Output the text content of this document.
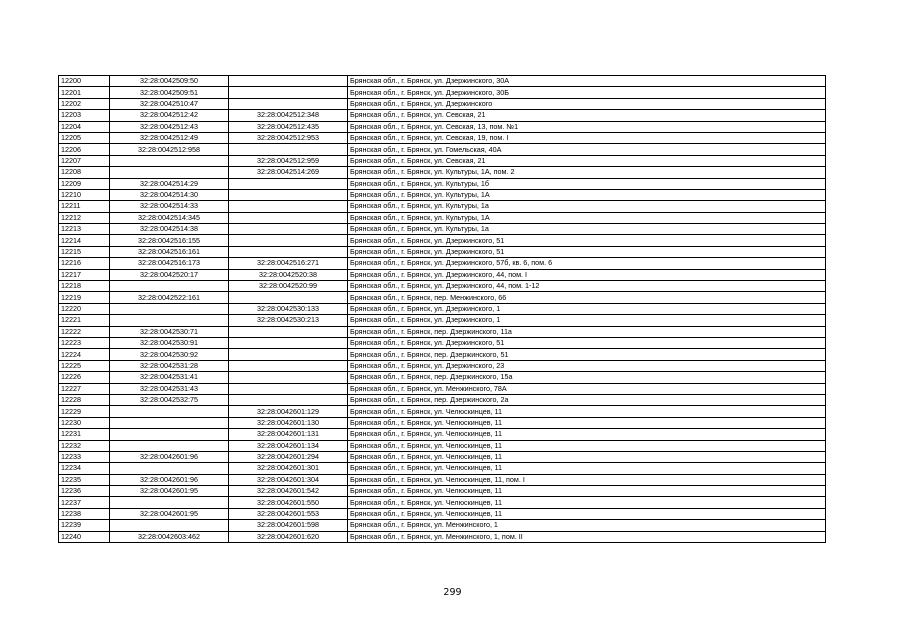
12200	32:28:0042509:50		Брянская обл., г. Брянск, ул. Дзержинского, 30А
12201	32:28:0042509:51		Брянская обл., г. Брянск, ул. Дзержинского, 30Б
12202	32:28:0042510:47		Брянская обл., г. Брянск, ул. Дзержинского
12203	32:28:0042512:42	32:28:0042512:348	Брянская обл., г. Брянск, ул. Севская, 21
12204	32:28:0042512:43	32:28:0042512:435	Брянская обл., г. Брянск, ул. Севская, 13, пом. №1
12205	32:28:0042512:49	32:28:0042512:953	Брянская обл., г. Брянск, ул. Севская, 19, пом. I
12206	32:28:0042512:958		Брянская обл., г. Брянск, ул. Гомельская, 40А
12207		32:28:0042512:959	Брянская обл., г. Брянск, ул. Севская, 21
12208		32:28:0042514:269	Брянская обл., г. Брянск, ул. Культуры, 1А, пом. 2
12209	32:28:0042514:29		Брянская обл., г. Брянск, ул. Культуры, 1б
12210	32:28:0042514:30		Брянская обл., г. Брянск, ул. Культуры, 1А
12211	32:28:0042514:33		Брянская обл., г. Брянск, ул. Культуры, 1а
12212	32:28:0042514:345		Брянская обл., г. Брянск, ул. Культуры, 1А
12213	32:28:0042514:38		Брянская обл., г. Брянск, ул. Культуры, 1а
12214	32:28:0042516:155		Брянская обл., г. Брянск, ул. Дзержинского, 51
12215	32:28:0042516:161		Брянская обл., г. Брянск, ул. Дзержинского, 51
12216	32:28:0042516:173	32:28:0042516:271	Брянская обл., г. Брянск, ул. Дзержинского, 57б, кв. 6, пом. 6
12217	32:28:0042520:17	32:28:0042520:38	Брянская обл., г. Брянск, ул. Дзержинского, 44, пом. I
12218		32:28:0042520:99	Брянская обл., г. Брянск, ул. Дзержинского, 44, пом. 1-12
12219	32:28:0042522:161		Брянская обл., г. Брянск, пер. Менжинского, 66
12220		32:28:0042530:133	Брянская обл., г. Брянск, ул. Дзержинского, 1
12221		32:28:0042530:213	Брянская обл., г. Брянск, ул. Дзержинского, 1
12222	32:28:0042530:71		Брянская обл., г. Брянск, пер. Дзержинского, 11а
12223	32:28:0042530:91		Брянская обл., г. Брянск, ул. Дзержинского, 51
12224	32:28:0042530:92		Брянская обл., г. Брянск, пер. Дзержинского, 51
12225	32:28:0042531:28		Брянская обл., г. Брянск, ул. Дзержинского, 23
12226	32:28:0042531:41		Брянская обл., г. Брянск, пер. Дзержинского, 15а
12227	32:28:0042531:43		Брянская обл., г. Брянск, ул. Менжинского, 78А
12228	32:28:0042532:75		Брянская обл., г. Брянск, пер. Дзержинского, 2а
12229		32:28:0042601:129	Брянская обл., г. Брянск, ул. Челюскинцев, 11
12230		32:28:0042601:130	Брянская обл., г. Брянск, ул. Челюскинцев, 11
12231		32:28:0042601:131	Брянская обл., г. Брянск, ул. Челюскинцев, 11
12232		32:28:0042601:134	Брянская обл., г. Брянск, ул. Челюскинцев, 11
12233	32:28:0042601:96	32:28:0042601:294	Брянская обл., г. Брянск, ул. Челюскинцев, 11
12234		32:28:0042601:301	Брянская обл., г. Брянск, ул. Челюскинцев, 11
12235	32:28:0042601:96	32:28:0042601:304	Брянская обл., г. Брянск, ул. Челюскинцев, 11, пом. I
12236	32:28:0042601:95	32:28:0042601:542	Брянская обл., г. Брянск, ул. Челюскинцев, 11
12237		32:28:0042601:550	Брянская обл., г. Брянск, ул. Челюскинцев, 11
12238	32:28:0042601:95	32:28:0042601:553	Брянская обл., г. Брянск, ул. Челюскинцев, 11
12239		32:28:0042601:598	Брянская обл., г. Брянск, ул. Менжинского, 1
12240	32:28:0042603:462	32:28:0042601:620	Брянская обл., г. Брянск, ул. Менжинского, 1, пом. II
299
